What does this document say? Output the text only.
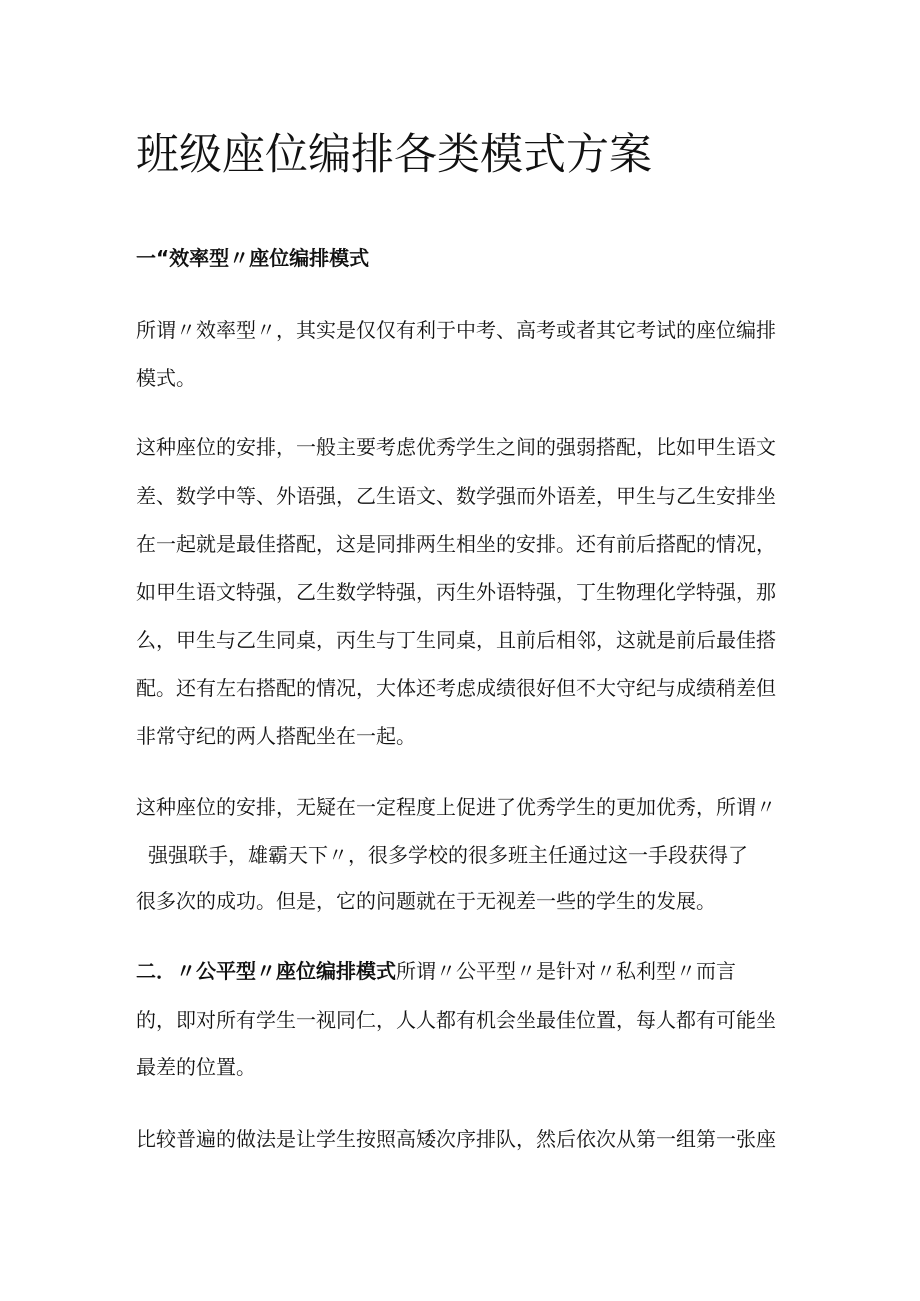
班级座位编排各类模式方案
一“效率型〃座位编排模式

所谓〃效率型〃，其实是仅仅有利于中考、高考或者其它考试的座位编排

模式。

这种座位的安排，一般主要考虑优秀学生之间的强弱搭配，比如甲生语文

差、数学中等、外语强，乙生语文、数学强而外语差，甲生与乙生安排坐

在一起就是最佳搭配，这是同排两生相坐的安排。还有前后搭配的情况，

如甲生语文特强，乙生数学特强，丙生外语特强，丁生物理化学特强，那

么，甲生与乙生同桌，丙生与丁生同桌，且前后相邻，这就是前后最佳搭

配。还有左右搭配的情况，大体还考虑成绩很好但不大守纪与成绩稍差但

非常守纪的两人搭配坐在一起。

这种座位的安排，无疑在一定程度上促进了优秀学生的更加优秀，所谓〃

强强联手，雄霸天下〃，很多学校的很多班主任通过这一手段获得了

很多次的成功。但是，它的问题就在于无视差一些的学生的发展。

二．〃公平型〃座位编排模式所谓〃公平型〃是针对〃私利型〃而言

的，即对所有学生一视同仁，人人都有机会坐最佳位置，每人都有可能坐

最差的位置。

比较普遍的做法是让学生按照高矮次序排队，然后依次从第一组第一张座
